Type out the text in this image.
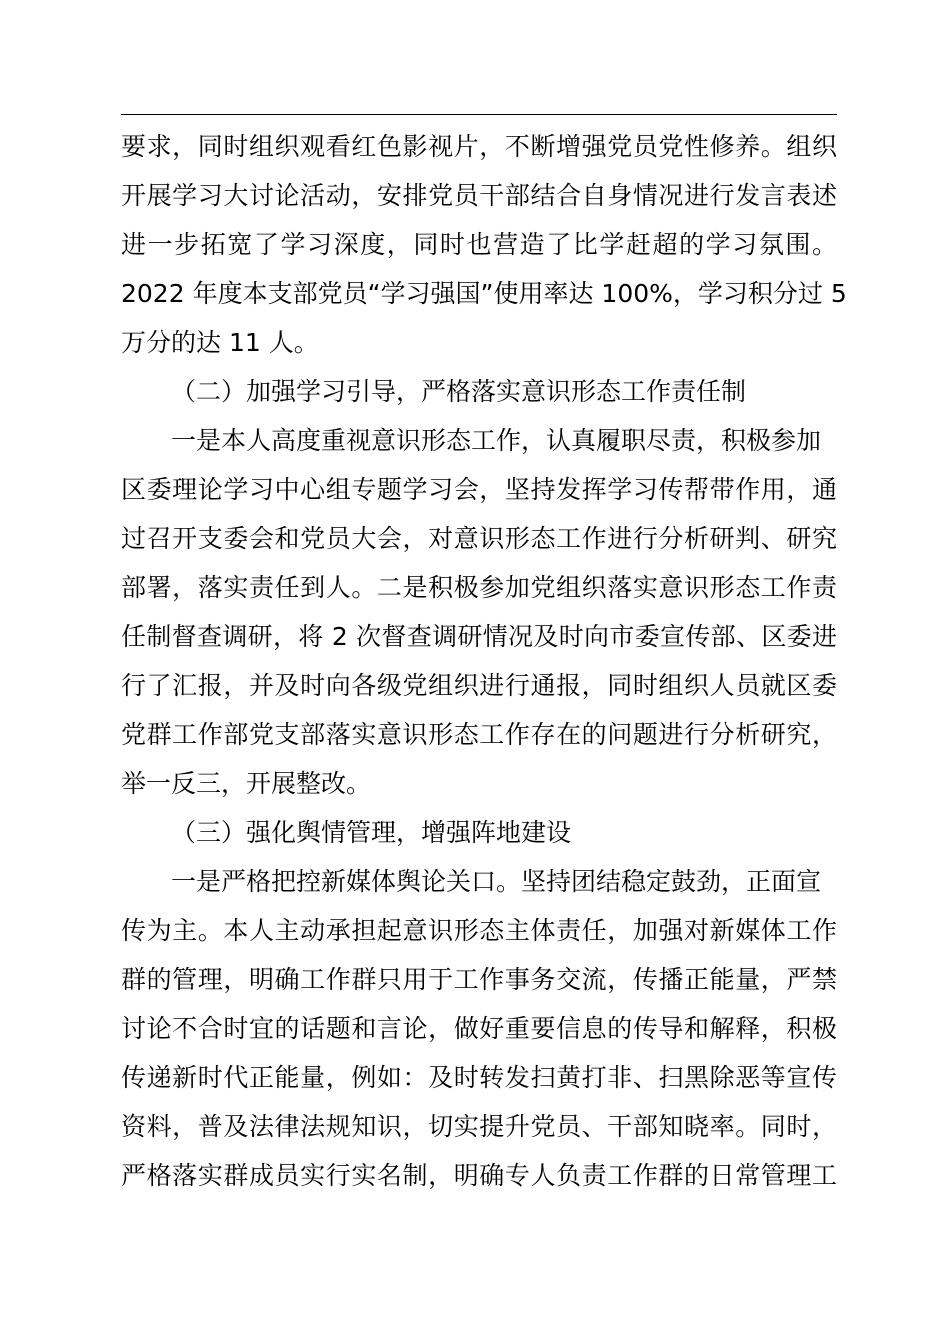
要求，同时组织观看红色影视片，不断增强党员党性修养。组织
开展学习大讨论活动，安排党员干部结合自身情况进行发言表述
进一步拓宽了学习深度，同时也营造了比学赶超的学习氛围。
2022 年度本支部党员“学习强国”使用率达 100%，学习积分过 5
万分的达 11 人。
（二）加强学习引导，严格落实意识形态工作责任制
一是本人高度重视意识形态工作，认真履职尽责，积极参加
区委理论学习中心组专题学习会，坚持发挥学习传帮带作用，通
过召开支委会和党员大会，对意识形态工作进行分析研判、研究
部署，落实责任到人。二是积极参加党组织落实意识形态工作责
任制督查调研，将 2 次督查调研情况及时向市委宣传部、区委进
行了汇报，并及时向各级党组织进行通报，同时组织人员就区委
党群工作部党支部落实意识形态工作存在的问题进行分析研究，
举一反三，开展整改。
（三）强化舆情管理，增强阵地建设
一是严格把控新媒体舆论关口。坚持团结稳定鼓劲，正面宣
传为主。本人主动承担起意识形态主体责任，加强对新媒体工作
群的管理，明确工作群只用于工作事务交流，传播正能量，严禁
讨论不合时宜的话题和言论，做好重要信息的传导和解释，积极
传递新时代正能量，例如：及时转发扫黄打非、扫黑除恶等宣传
资料，普及法律法规知识，切实提升党员、干部知晓率。同时，
严格落实群成员实行实名制，明确专人负责工作群的日常管理工
